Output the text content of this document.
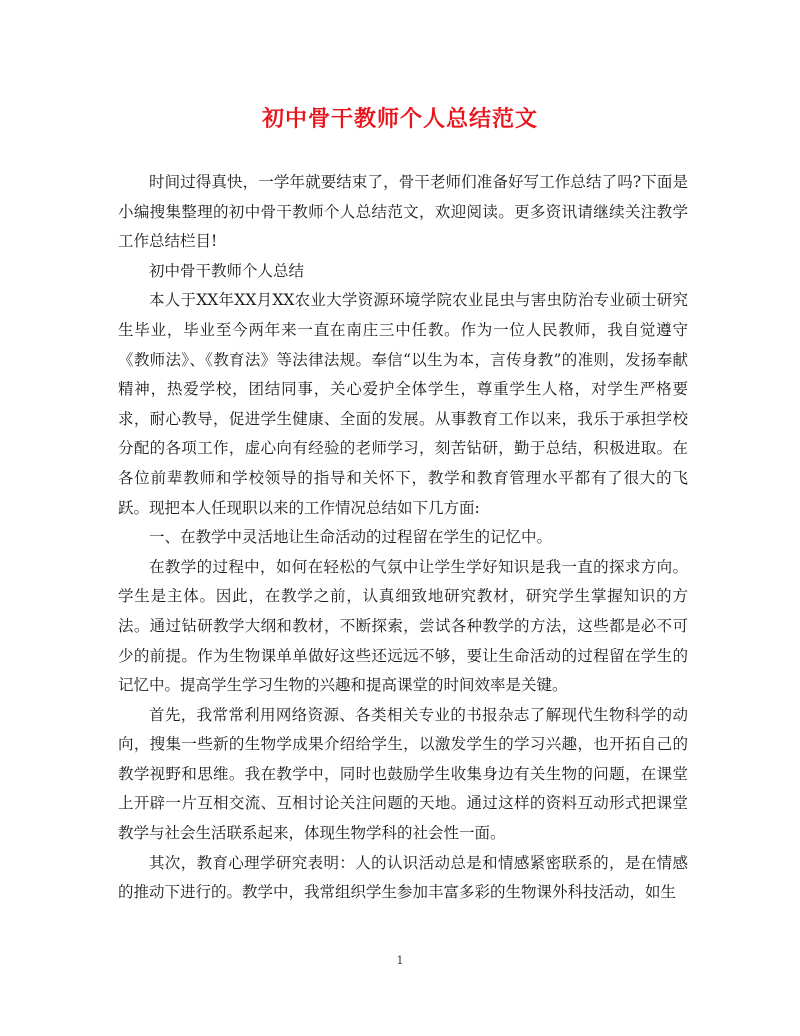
初中骨干教师个人总结范文

时间过得真快，一学年就要结束了，骨干老师们准备好写工作总结了吗?下面是小编搜集整理的初中骨干教师个人总结范文，欢迎阅读。更多资讯请继续关注教学工作总结栏目!

初中骨干教师个人总结

本人于XX年XX月XX农业大学资源环境学院农业昆虫与害虫防治专业硕士研究生毕业，毕业至今两年来一直在南庄三中任教。作为一位人民教师，我自觉遵守《教师法》、《教育法》等法律法规。奉信“以生为本，言传身教”的准则，发扬奉献精神，热爱学校，团结同事，关心爱护全体学生，尊重学生人格，对学生严格要求，耐心教导，促进学生健康、全面的发展。从事教育工作以来，我乐于承担学校分配的各项工作，虚心向有经验的老师学习，刻苦钻研，勤于总结，积极进取。在各位前辈教师和学校领导的指导和关怀下，教学和教育管理水平都有了很大的飞跃。现把本人任现职以来的工作情况总结如下几方面:

一、在教学中灵活地让生命活动的过程留在学生的记忆中。

在教学的过程中，如何在轻松的气氛中让学生学好知识是我一直的探求方向。学生是主体。因此，在教学之前，认真细致地研究教材，研究学生掌握知识的方法。通过钻研教学大纲和教材，不断探索，尝试各种教学的方法，这些都是必不可少的前提。作为生物课单单做好这些还远远不够，要让生命活动的过程留在学生的记忆中。提高学生学习生物的兴趣和提高课堂的时间效率是关键。

首先，我常常利用网络资源、各类相关专业的书报杂志了解现代生物科学的动向，搜集一些新的生物学成果介绍给学生，以激发学生的学习兴趣，也开拓自己的教学视野和思维。我在教学中，同时也鼓励学生收集身边有关生物的问题，在课堂上开辟一片互相交流、互相讨论关注问题的天地。通过这样的资料互动形式把课堂教学与社会生活联系起来，体现生物学科的社会性一面。

其次，教育心理学研究表明：人的认识活动总是和情感紧密联系的，是在情感的推动下进行的。教学中，我常组织学生参加丰富多彩的生物课外科技活动，如生

1
